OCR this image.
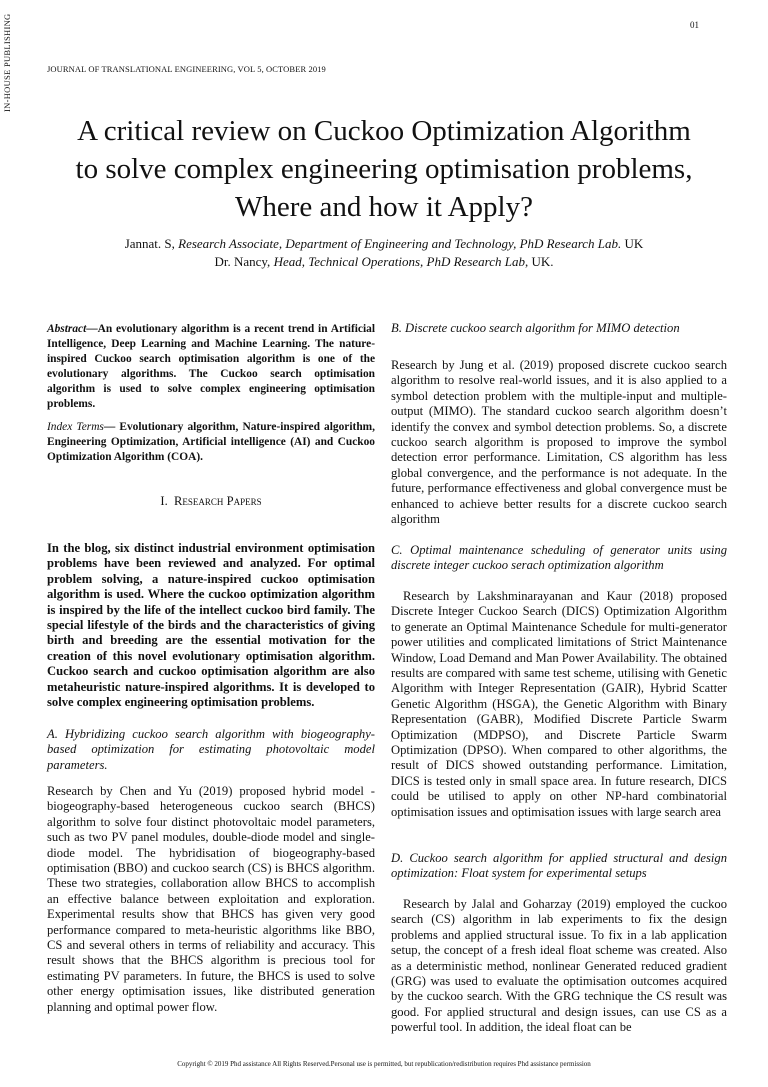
IN-HOUSE PUBLISHING	01
JOURNAL OF TRANSLATIONAL ENGINEERING, VOL 5, OCTOBER 2019
A critical review on Cuckoo Optimization Algorithm
to solve complex engineering optimisation problems,
Where and how it Apply?
Jannat. S, Research Associate, Department of Engineering and Technology, PhD Research Lab. UK
Dr. Nancy, Head, Technical Operations, PhD Research Lab, UK.
Abstract—An evolutionary algorithm is a recent trend in Artificial Intelligence, Deep Learning and Machine Learning. The nature-inspired Cuckoo search optimisation algorithm is one of the evolutionary algorithms. The Cuckoo search optimisation algorithm is used to solve complex engineering optimisation problems.
Index Terms— Evolutionary algorithm, Nature-inspired algorithm, Engineering Optimization, Artificial intelligence (AI) and Cuckoo Optimization Algorithm (COA).
I. Research Papers

In the blog, six distinct industrial environment optimisation problems have been reviewed and analyzed. For optimal problem solving, a nature-inspired cuckoo optimisation algorithm is used. Where the cuckoo optimization algorithm is inspired by the life of the intellect cuckoo bird family. The special lifestyle of the birds and the characteristics of giving birth and breeding are the essential motivation for the creation of this novel evolutionary optimisation algorithm. Cuckoo search and cuckoo optimisation algorithm are also metaheuristic nature-inspired algorithms. It is developed to solve complex engineering optimisation problems.

A. Hybridizing cuckoo search algorithm with biogeography-based optimization for estimating photovoltaic model parameters.

Research by Chen and Yu (2019) proposed hybrid model - biogeography-based heterogeneous cuckoo search (BHCS) algorithm to solve four distinct photovoltaic model parameters, such as two PV panel modules, double-diode model and single-diode model. The hybridisation of biogeography-based optimisation (BBO) and cuckoo search (CS) is BHCS algorithm. These two strategies, collaboration allow BHCS to accomplish an effective balance between exploitation and exploration. Experimental results show that BHCS has given very good performance compared to meta-heuristic algorithms like BBO, CS and several others in terms of reliability and accuracy. This result shows that the BHCS algorithm is precious tool for estimating PV parameters. In future, the BHCS is used to solve other energy optimisation issues, like distributed generation planning and optimal power flow.

B. Discrete cuckoo search algorithm for MIMO detection

Research by Jung et al. (2019) proposed discrete cuckoo search algorithm to resolve real-world issues, and it is also applied to a symbol detection problem with the multiple-input and multiple-output (MIMO). The standard cuckoo search algorithm doesn’t identify the convex and symbol detection problems. So, a discrete cuckoo search algorithm is proposed to improve the symbol detection error performance. Limitation, CS algorithm has less global convergence, and the performance is not adequate. In the future, performance effectiveness and global convergence must be enhanced to achieve better results for a discrete cuckoo search algorithm

C. Optimal maintenance scheduling of generator units using discrete integer cuckoo serach optimization algorithm

Research by Lakshminarayanan and Kaur (2018) proposed Discrete Integer Cuckoo Search (DICS) Optimization Algorithm to generate an Optimal Maintenance Schedule for multi-generator power utilities and complicated limitations of Strict Maintenance Window, Load Demand and Man Power Availability. The obtained results are compared with same test scheme, utilising with Genetic Algorithm with Integer Representation (GAIR), Hybrid Scatter Genetic Algorithm (HSGA), the Genetic Algorithm with Binary Representation (GABR), Modified Discrete Particle Swarm Optimization (MDPSO), and Discrete Particle Swarm Optimization (DPSO). When compared to other algorithms, the result of DICS showed outstanding performance. Limitation, DICS is tested only in small space area. In future research, DICS could be utilised to apply on other NP-hard combinatorial optimisation issues and optimisation issues with large search area

D. Cuckoo search algorithm for applied structural and design optimization: Float system for experimental setups

Research by Jalal and Goharzay (2019) employed the cuckoo search (CS) algorithm in lab experiments to fix the design problems and applied structural issue. To fix in a lab application setup, the concept of a fresh ideal float scheme was created. Also as a deterministic method, nonlinear Generated reduced gradient (GRG) was used to evaluate the optimisation outcomes acquired by the cuckoo search. With the GRG technique the CS result was good. For applied structural and design issues, can use CS as a powerful tool. In addition, the ideal float can be

Copyright © 2019 Phd assistance All Rights Reserved.Personal use is permitted, but republication/redistribution requires Phd assistance permission
